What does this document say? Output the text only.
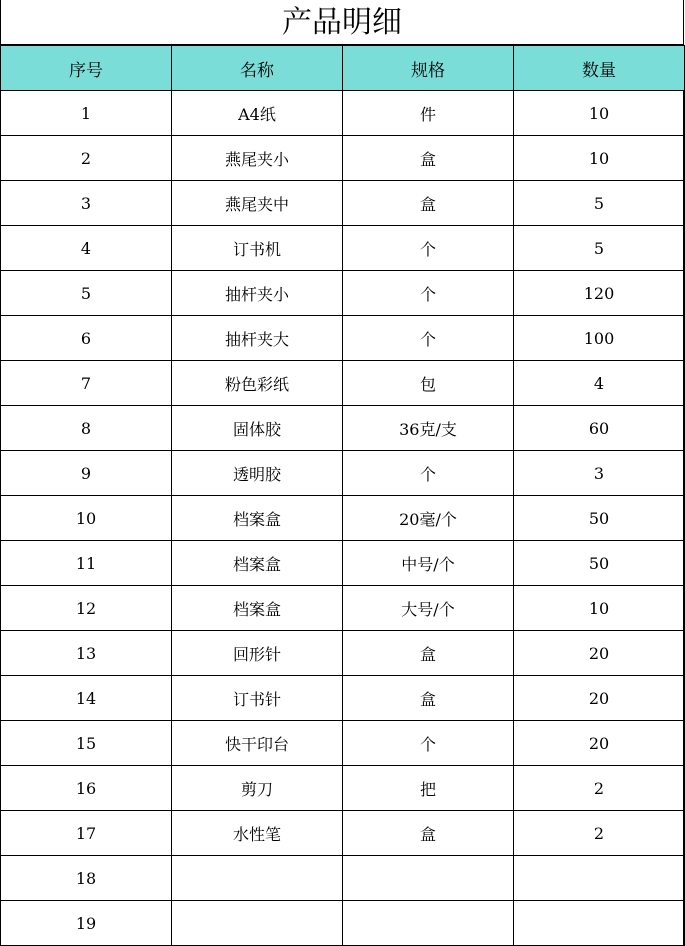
产品明细
序号	名称	规格	数量
1	A4纸	件	10
2	燕尾夹小	盒	10
3	燕尾夹中	盒	5
4	订书机	个	5
5	抽杆夹小	个	120
6	抽杆夹大	个	100
7	粉色彩纸	包	4
8	固体胶	36克/支	60
9	透明胶	个	3
10	档案盒	20毫/个	50
11	档案盒	中号/个	50
12	档案盒	大号/个	10
13	回形针	盒	20
14	订书针	盒	20
15	快干印台	个	20
16	剪刀	把	2
17	水性笔	盒	2
18			
19			
